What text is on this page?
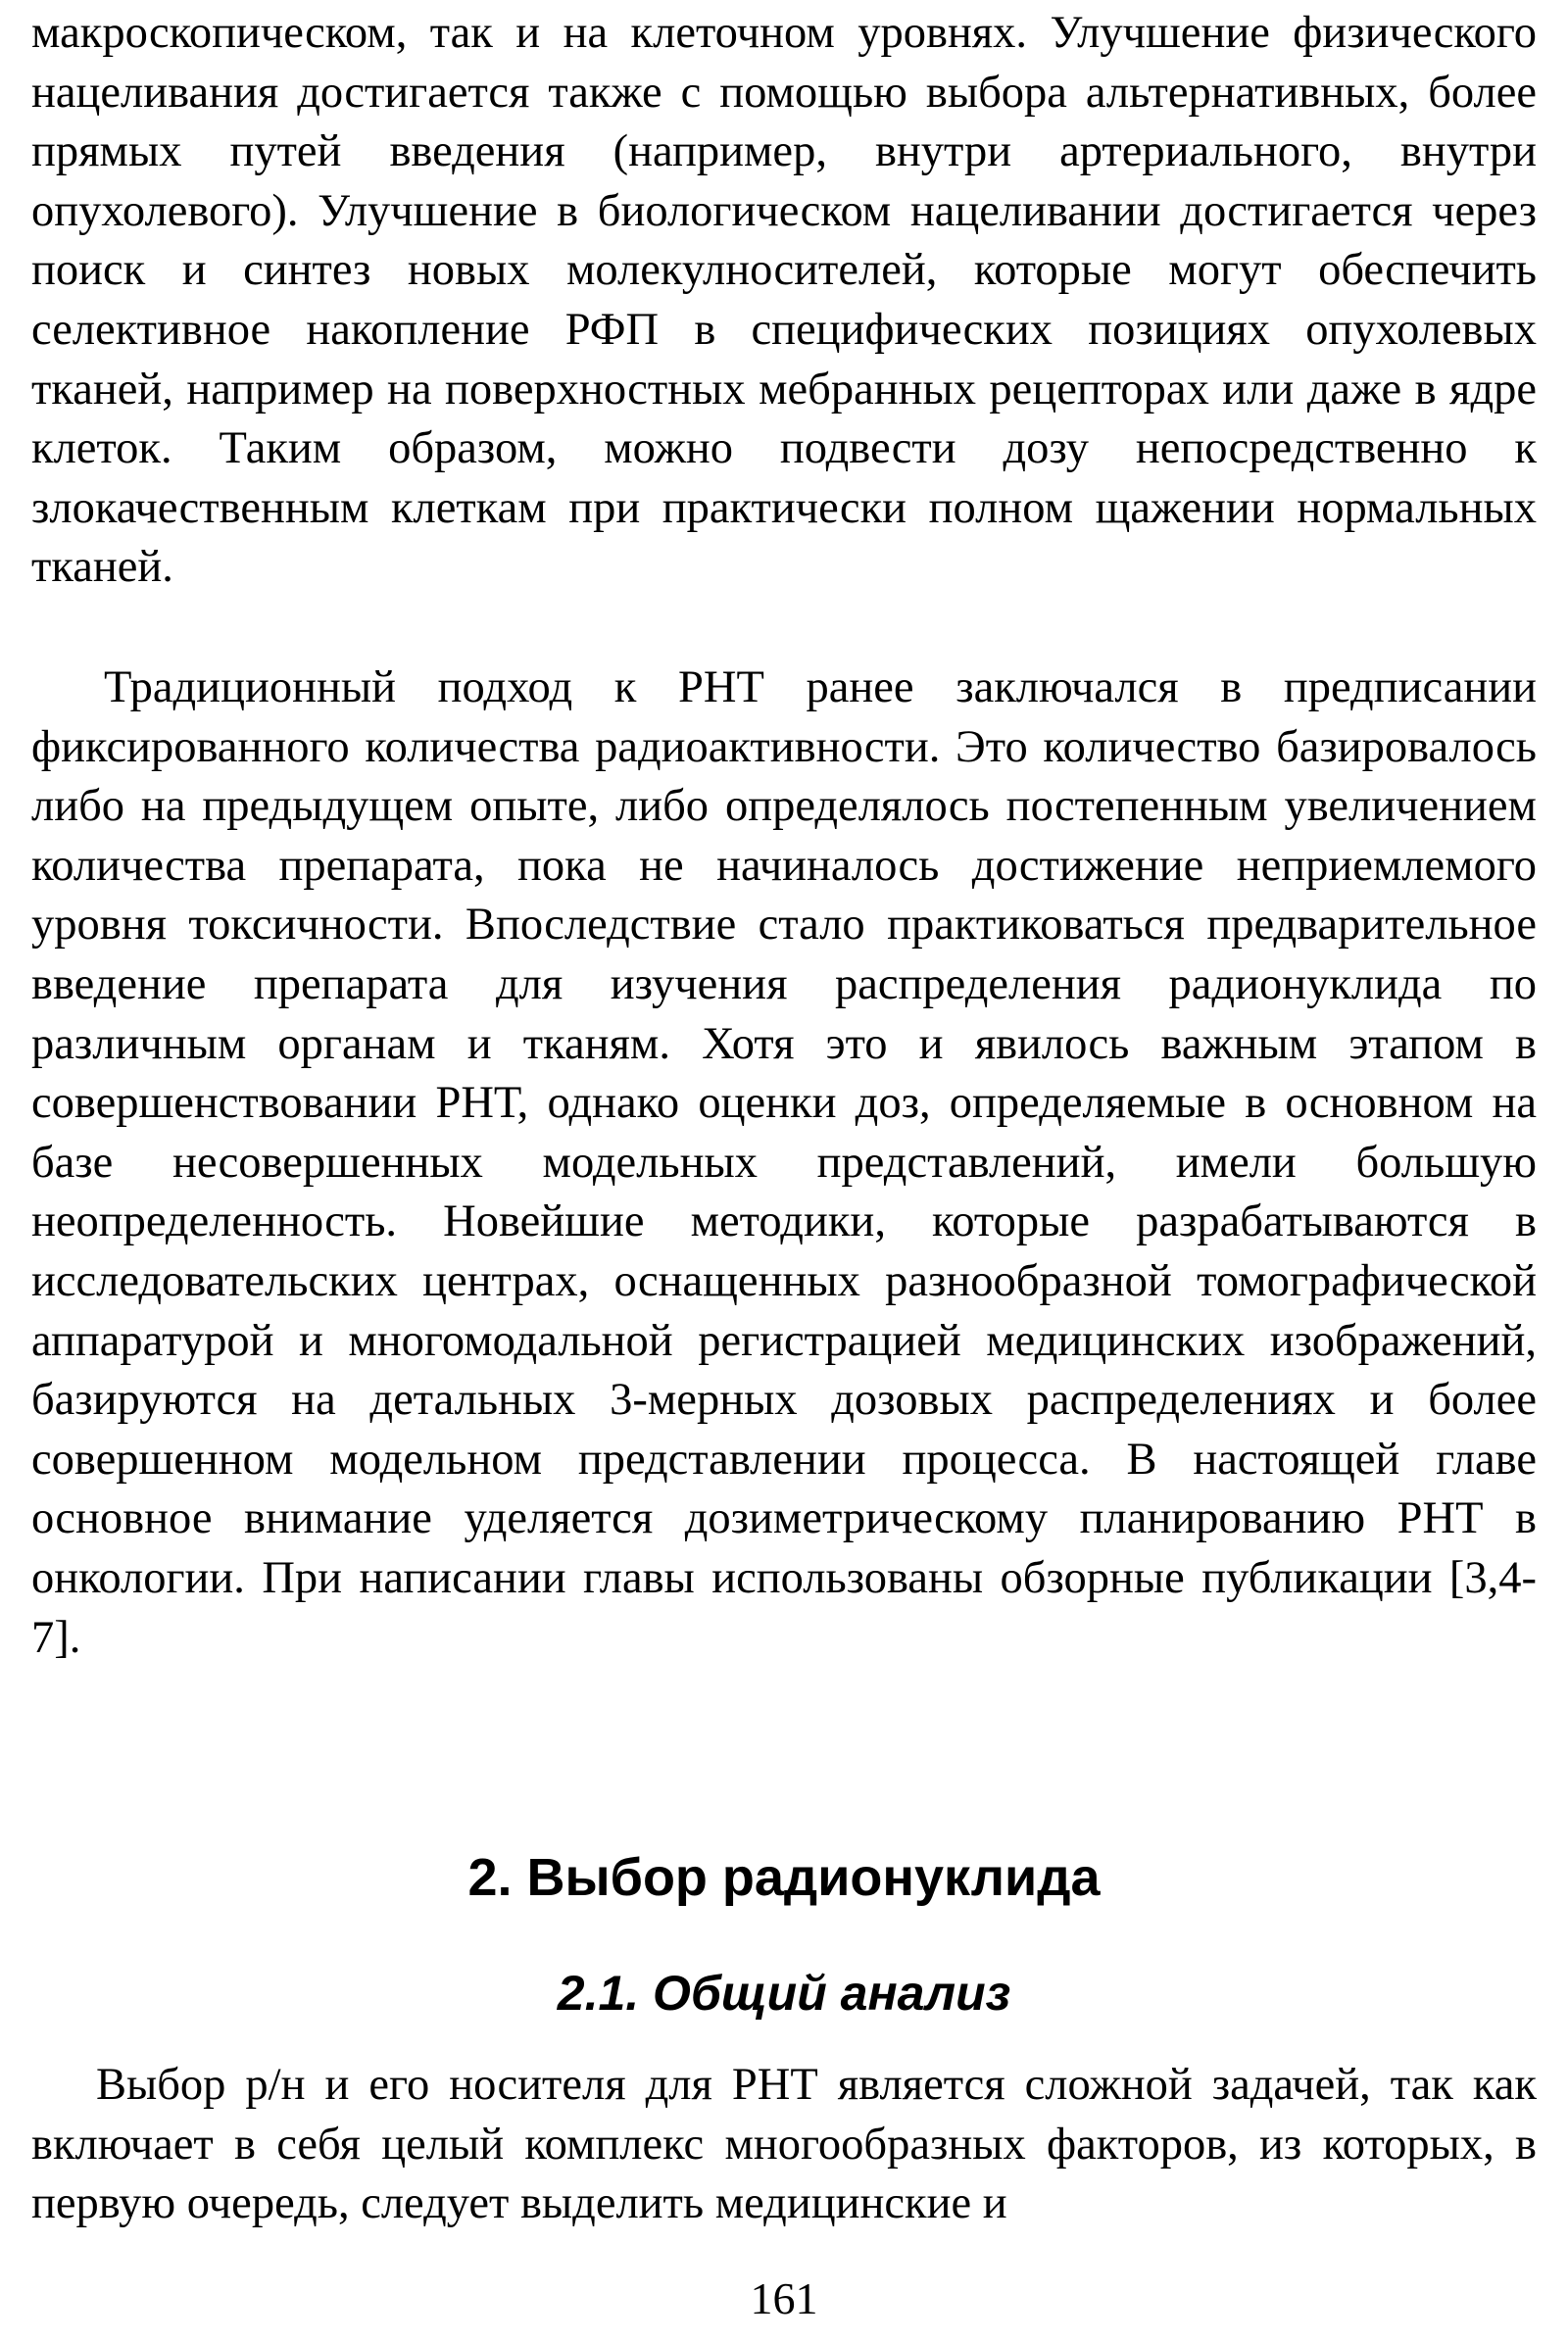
макроскопическом, так и на клеточном уровнях. Улучшение физического нацеливания достигается также с помощью выбора альтернативных, более прямых путей введения (например, внутри артериального, внутри опухолевого). Улучшение в биологическом нацеливании достигается через поиск и синтез новых молекулносителей, которые могут обеспечить селективное накопление РФП в специфических позициях опухолевых тканей, например на поверхностных мебранных рецепторах или даже в ядре клеток. Таким образом, можно подвести дозу непосредственно к злокачественным клеткам при практически полном щажении нормальных тканей.

Традиционный подход к РНТ ранее заключался в предписании фиксированного количества радиоактивности. Это количество базировалось либо на предыдущем опыте, либо определялось постепенным увеличением количества препарата, пока не начиналось достижение неприемлемого уровня токсичности. Впоследствие стало практиковаться предварительное введение препарата для изучения распределения радионуклида по различным органам и тканям. Хотя это и явилось важным этапом в совершенствовании РНТ, однако оценки доз, определяемые в основном на базе несовершенных модельных представлений, имели большую неопределенность. Новейшие методики, которые разрабатываются в исследовательских центрах, оснащенных разнообразной томографической аппаратурой и многомодальной регистрацией медицинских изображений, базируются на детальных 3-мерных дозовых распределениях и более совершенном модельном представлении процесса. В настоящей главе основное внимание уделяется дозиметрическому планированию РНТ в онкологии. При написании главы использованы обзорные публикации [3,4-7].

2. Выбор радионуклида
2.1. Общий анализ

Выбор р/н и его носителя для РНТ является сложной задачей, так как включает в себя целый комплекс многообразных факторов, из которых, в первую очередь, следует выделить медицинские и

161
